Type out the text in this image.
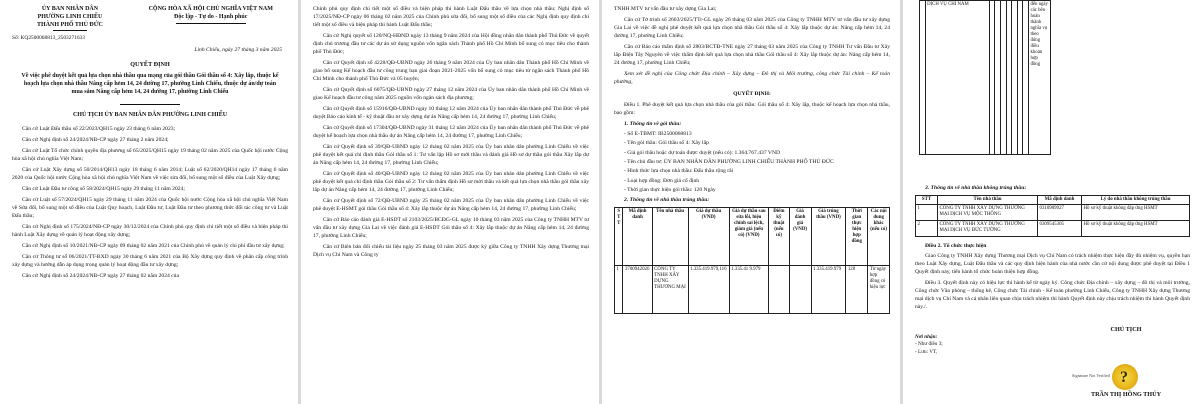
ỦY BAN NHÂN DÂN
PHƯỜNG LINH CHIỂU
THÀNH PHỐ THỦ ĐỨC
CỘNG HÒA XÃ HỘI CHỦ NGHĨA VIỆT NAM
Độc lập - Tự do - Hạnh phúc
Số: KQ2500068813_2503271633
Linh Chiểu, ngày 27 tháng 3 năm 2025
QUYẾT ĐỊNH
Về việc phê duyệt kết quả lựa chọn nhà thầu qua mạng của gói thầu Gói thầu số 4: Xây lắp, thuộc kế hoạch lựa chọn nhà thầu Nâng cấp hẻm 14, 24 đường 17, phường Linh Chiểu, thuộc dự án/dự toán mua sắm Nâng cấp hẻm 14, 24 đường 17, phường Linh Chiểu
CHỦ TỊCH ỦY BAN NHÂN DÂN PHƯỜNG LINH CHIỂU

Căn cứ Luật Đấu thầu số 22/2023/QH15 ngày 23 tháng 6 năm 2023;

Căn cứ Nghị định số 24/2024/NĐ-CP ngày 27 tháng 2 năm 2024;

Căn cứ Luật Tổ chức chính quyền địa phương số 65/2025/QH15 ngày 19 tháng 02 năm 2025 của Quốc hội nước Cộng hòa xã hội chủ nghĩa Việt Nam;

Căn cứ Luật Xây dựng số 50/2014/QH13 ngày 18 tháng 6 năm 2014; Luật số 62/2020/QH14 ngày 17 tháng 6 năm 2020 của Quốc hội nước Cộng hòa xã hội chủ nghĩa Việt Nam về việc sửa đổi, bổ sung một số điều của Luật Xây dựng;

Căn cứ Luật Đầu tư công số 58/2024/QH15 ngày 29 tháng 11 năm 2024;

Căn cứ Luật số 57/2024/QH15 ngày 29 tháng 11 năm 2024 của Quốc hội nước Cộng hòa xã hội chủ nghĩa Việt Nam về Sửa đổi, bổ sung một số điều của Luật Quy hoạch, Luật Đầu tư, Luật Đầu tư theo phương thức đối tác công tư và Luật Đấu thầu;

Căn cứ Nghị định số 175/2024/NĐ-CP ngày 30/12/2024 của Chính phủ quy định chi tiết một số điều và biện pháp thi hành Luật Xây dựng về quản lý hoạt động xây dựng;

Căn cứ Nghị định số 10/2021/NĐ-CP ngày 09 tháng 02 năm 2021 của Chính phủ về quản lý chi phí đầu tư xây dựng;

Căn cứ Thông tư số 06/2021/TT-BXD ngày 30 tháng 6 năm 2021 của Bộ Xây dựng quy định về phân cấp công trình xây dựng và hướng dẫn áp dụng trong quản lý hoạt động đầu tư xây dựng;

Căn cứ Nghị định số 24/2024/NĐ-CP ngày 27 tháng 02 năm 2024 của

Chính phủ quy định chi tiết một số điều và biện pháp thi hành Luật Đấu thầu về lựa chọn nhà thầu; Nghị định số 17/2025/NĐ-CP ngày 06 tháng 02 năm 2025 của Chính phủ sửa đổi, bổ sung một số điều của các Nghị định quy định chi tiết một số điều và biện pháp thi hành Luật Đấu thầu;

Căn cứ Nghị quyết số 120/NQ-HĐND ngày 13 tháng 9 năm 2024 của Hội đồng nhân dân thành phố Thủ Đức về quyết định chủ trương đầu tư các dự án sử dụng nguồn vốn ngân sách Thành phố Hồ Chí Minh bổ sung có mục tiêu cho thành phố Thủ Đức;

Căn cứ Quyết định số 4228/QĐ-UBND ngày 26 tháng 9 năm 2024 của Ủy ban nhân dân Thành phố Hồ Chí Minh về giao bổ sung Kế hoạch đầu tư công trung hạn giai đoạn 2021-2025 vốn bổ sung có mục tiêu từ ngân sách Thành phố Hồ Chí Minh cho thành phố Thủ Đức và 05 huyện;

Căn cứ Quyết định số 6075/QĐ-UBND ngày 27 tháng 12 năm 2024 của Ủy ban nhân dân thành phố Hồ Chí Minh về giao Kế hoạch đầu tư công năm 2025 nguồn vốn ngân sách địa phương;

Căn cứ Quyết định số 15916/QĐ-UBND ngày 10 tháng 12 năm 2024 của Ủy ban nhân dân thành phố Thủ Đức về phê duyệt Báo cáo kinh tế - kỹ thuật đầu tư xây dựng dự án Nâng cấp hẻm 14, 24 đường 17, phường Linh Chiểu;

Căn cứ Quyết định số 17304/QĐ-UBND ngày 31 tháng 12 năm 2024 của Ủy ban nhân dân thành phố Thủ Đức về phê duyệt kế hoạch lựa chọn nhà thầu dự án Nâng cấp hẻm 14, 24 đường 17, phường Linh Chiểu;

Căn cứ Quyết định số 39/QĐ-UBND ngày 12 tháng 02 năm 2025 của Ủy ban nhân dân phường Linh Chiểu về việc phê duyệt kết quả chỉ định thầu Gói thầu số 1: Tư vấn lập Hồ sơ mời thầu và đánh giá Hồ sơ dự thầu gói thầu Xây lắp dự án Nâng cấp hẻm 14, 24 đường 17, phường Linh Chiểu;

Căn cứ Quyết định số 40/QĐ-UBND ngày 12 tháng 02 năm 2025 của Ủy ban nhân dân phường Linh Chiểu về việc phê duyệt kết quả chỉ định thầu Gói thầu số 2: Tư vấn thẩm định Hồ sơ mời thầu và kết quả lựa chọn nhà thầu gói thầu xây lắp dự án Nâng cấp hẻm 14, 24 đường 17, phường Linh Chiểu;

Căn cứ Quyết định số 72/QĐ-UBND ngày 25 tháng 02 năm 2025 của Ủy ban nhân dân phường Linh Chiểu về việc phê duyệt E-HSMT gói thầu Gói thầu số 4: Xây lắp thuộc dự án Nâng cấp hẻm 14, 24 đường 17, phường Linh Chiểu;

Căn cứ Báo cáo đánh giá E-HSDT số 2103/2025/BCĐG-GL ngày 10 tháng 03 năm 2025 của Công ty TNHH MTV tư vấn đầu tư xây dựng Gia Lai về việc đánh giá E-HSDT Gói thầu số 4: Xây lắp thuộc dự án Nâng cấp hẻm 14, 24 đường 17, phường Linh Chiểu;

Căn cứ Biên bản đối chiếu tài liệu ngày 25 tháng 03 năm 2025 được ký giữa Công ty TNHH Xây dựng Thương mại Dịch vụ Chí Nam và Công ty

TNHH MTV tư vấn đầu tư xây dựng Gia Lai;

Căn cứ Tờ trình số 2603/2025/TTr-GL ngày 26 tháng 03 năm 2025 của Công ty TNHH MTV tư vấn đầu tư xây dựng Gia Lai về việc đề nghị phê duyệt kết quả lựa chọn nhà thầu Gói thầu số 4: Xây lắp thuộc dự án: Nâng cấp hẻm 14, 24 đường 17, phường Linh Chiểu;

Căn cứ Báo cáo thẩm định số 2803/BCTĐ-TNE ngày 27 tháng 03 năm 2025 của Công ty TNHH Tư vấn Đầu tư Xây lắp Điện Tây Nguyên về việc thẩm định kết quả lựa chọn nhà thầu Gói thầu số 4: Xây lắp thuộc dự án: Nâng cấp hẻm 14, 24 đường 17, phường Linh Chiểu;

Xem xét đề nghị của Công chức Địa chính – Xây dựng – Đô thị và Môi trường, công chức Tài chính – Kế toán phường,

QUYẾT ĐỊNH:

Điều 1. Phê duyệt kết quả lựa chọn nhà thầu của gói thầu: Gói thầu số 4: Xây lắp, thuộc kế hoạch lựa chọn nhà thầu, bao gồm:

1. Thông tin về gói thầu:
- Số E-TBMT: IB2500068813
- Tên gói thầu: Gói thầu số 4: Xây lắp
- Giá gói thầu hoặc dự toán được duyệt (nếu có): 1.364.767.437 VND
- Tên chủ đầu tư: ỦY BAN NHÂN DÂN PHƯỜNG LINH CHIỂU THÀNH PHỐ THỦ ĐỨC
- Hình thức lựa chọn nhà thầu: Đấu thầu rộng rãi
- Loại hợp đồng: Đơn giá cố định
- Thời gian thực hiện gói thầu: 120 Ngày
2. Thông tin về nhà thầu trúng thầu:
S T T	Mã định danh	Tên nhà thầu	Giá dự thầu (VND)	Giá dự thầu sau sửa lỗi, hiệu chỉnh sai lệch, giảm giá (nếu có) (VND)	Điểm kỹ thuật (nếu có)	Giá đánh giá (VND)	Giá trúng thầu (VND)	Thời gian thực hiện hợp đồng	Các nội dung khác (nếu có)
1	3700942026	CÔNG TY TNHH XÂY DỰNG THƯƠNG MẠI	1.335.419.979,116	1.335.41 9.979			1.335.419.979	120	Từ ngày hợp đồng có hiệu lực
	DỊCH VỤ CHÍ NAM								đến ngày các bên hoàn thành nghĩa vụ theo đúng điều khoản hợp đồng
3. Thông tin về nhà thầu không trúng thầu:
STT	Tên nhà thầu	Mã định danh	Lý do nhà thầu không trúng thầu
1	CÔNG TY TNHH XÂY DỰNG THƯƠNG MẠI DỊCH VỤ MỘC THÔNG	0310909927	Hồ sơ kỹ thuật không đáp ứng HSMT
2	CÔNG TY TNHH XÂY DỰNG THƯƠNG MẠI DỊCH VỤ ĐỨC TƯỜNG	0309545305	Hồ sơ kỹ thuật không đáp ứng HSMT
Điều 2. Tổ chức thực hiện

Giao Công ty TNHH Xây dựng Thương mại Dịch vụ Chí Nam có trách nhiệm thực hiện đầy đủ nhiệm vụ, quyền hạn theo Luật Xây dựng, Luật Đấu thầu và các quy định hiện hành của nhà nước cần cứ nội dung được phê duyệt tại Điều 1 Quyết định này, tiến hành tổ chức hoàn thiện hợp đồng.

Điều 3. Quyết định này có hiệu lực thi hành kể từ ngày ký. Công chức Địa chính – xây dựng – đô thị và môi trường, Công chức Văn phòng – thống kê, Công chức Tài chính - Kế toán phường Linh Chiểu, Công ty TNHH Xây dựng Thương mại dịch vụ Chí Nam và cá nhân liên quan chịu trách nhiệm thi hành Quyết định này chịu trách nhiệm thi hành Quyết định này./.

Nơi nhận:
- Như điều 3;
- Lưu: VT,
CHỦ TỊCH
Signature Not Verified
TRẦN THỊ HỒNG THÚY
?
